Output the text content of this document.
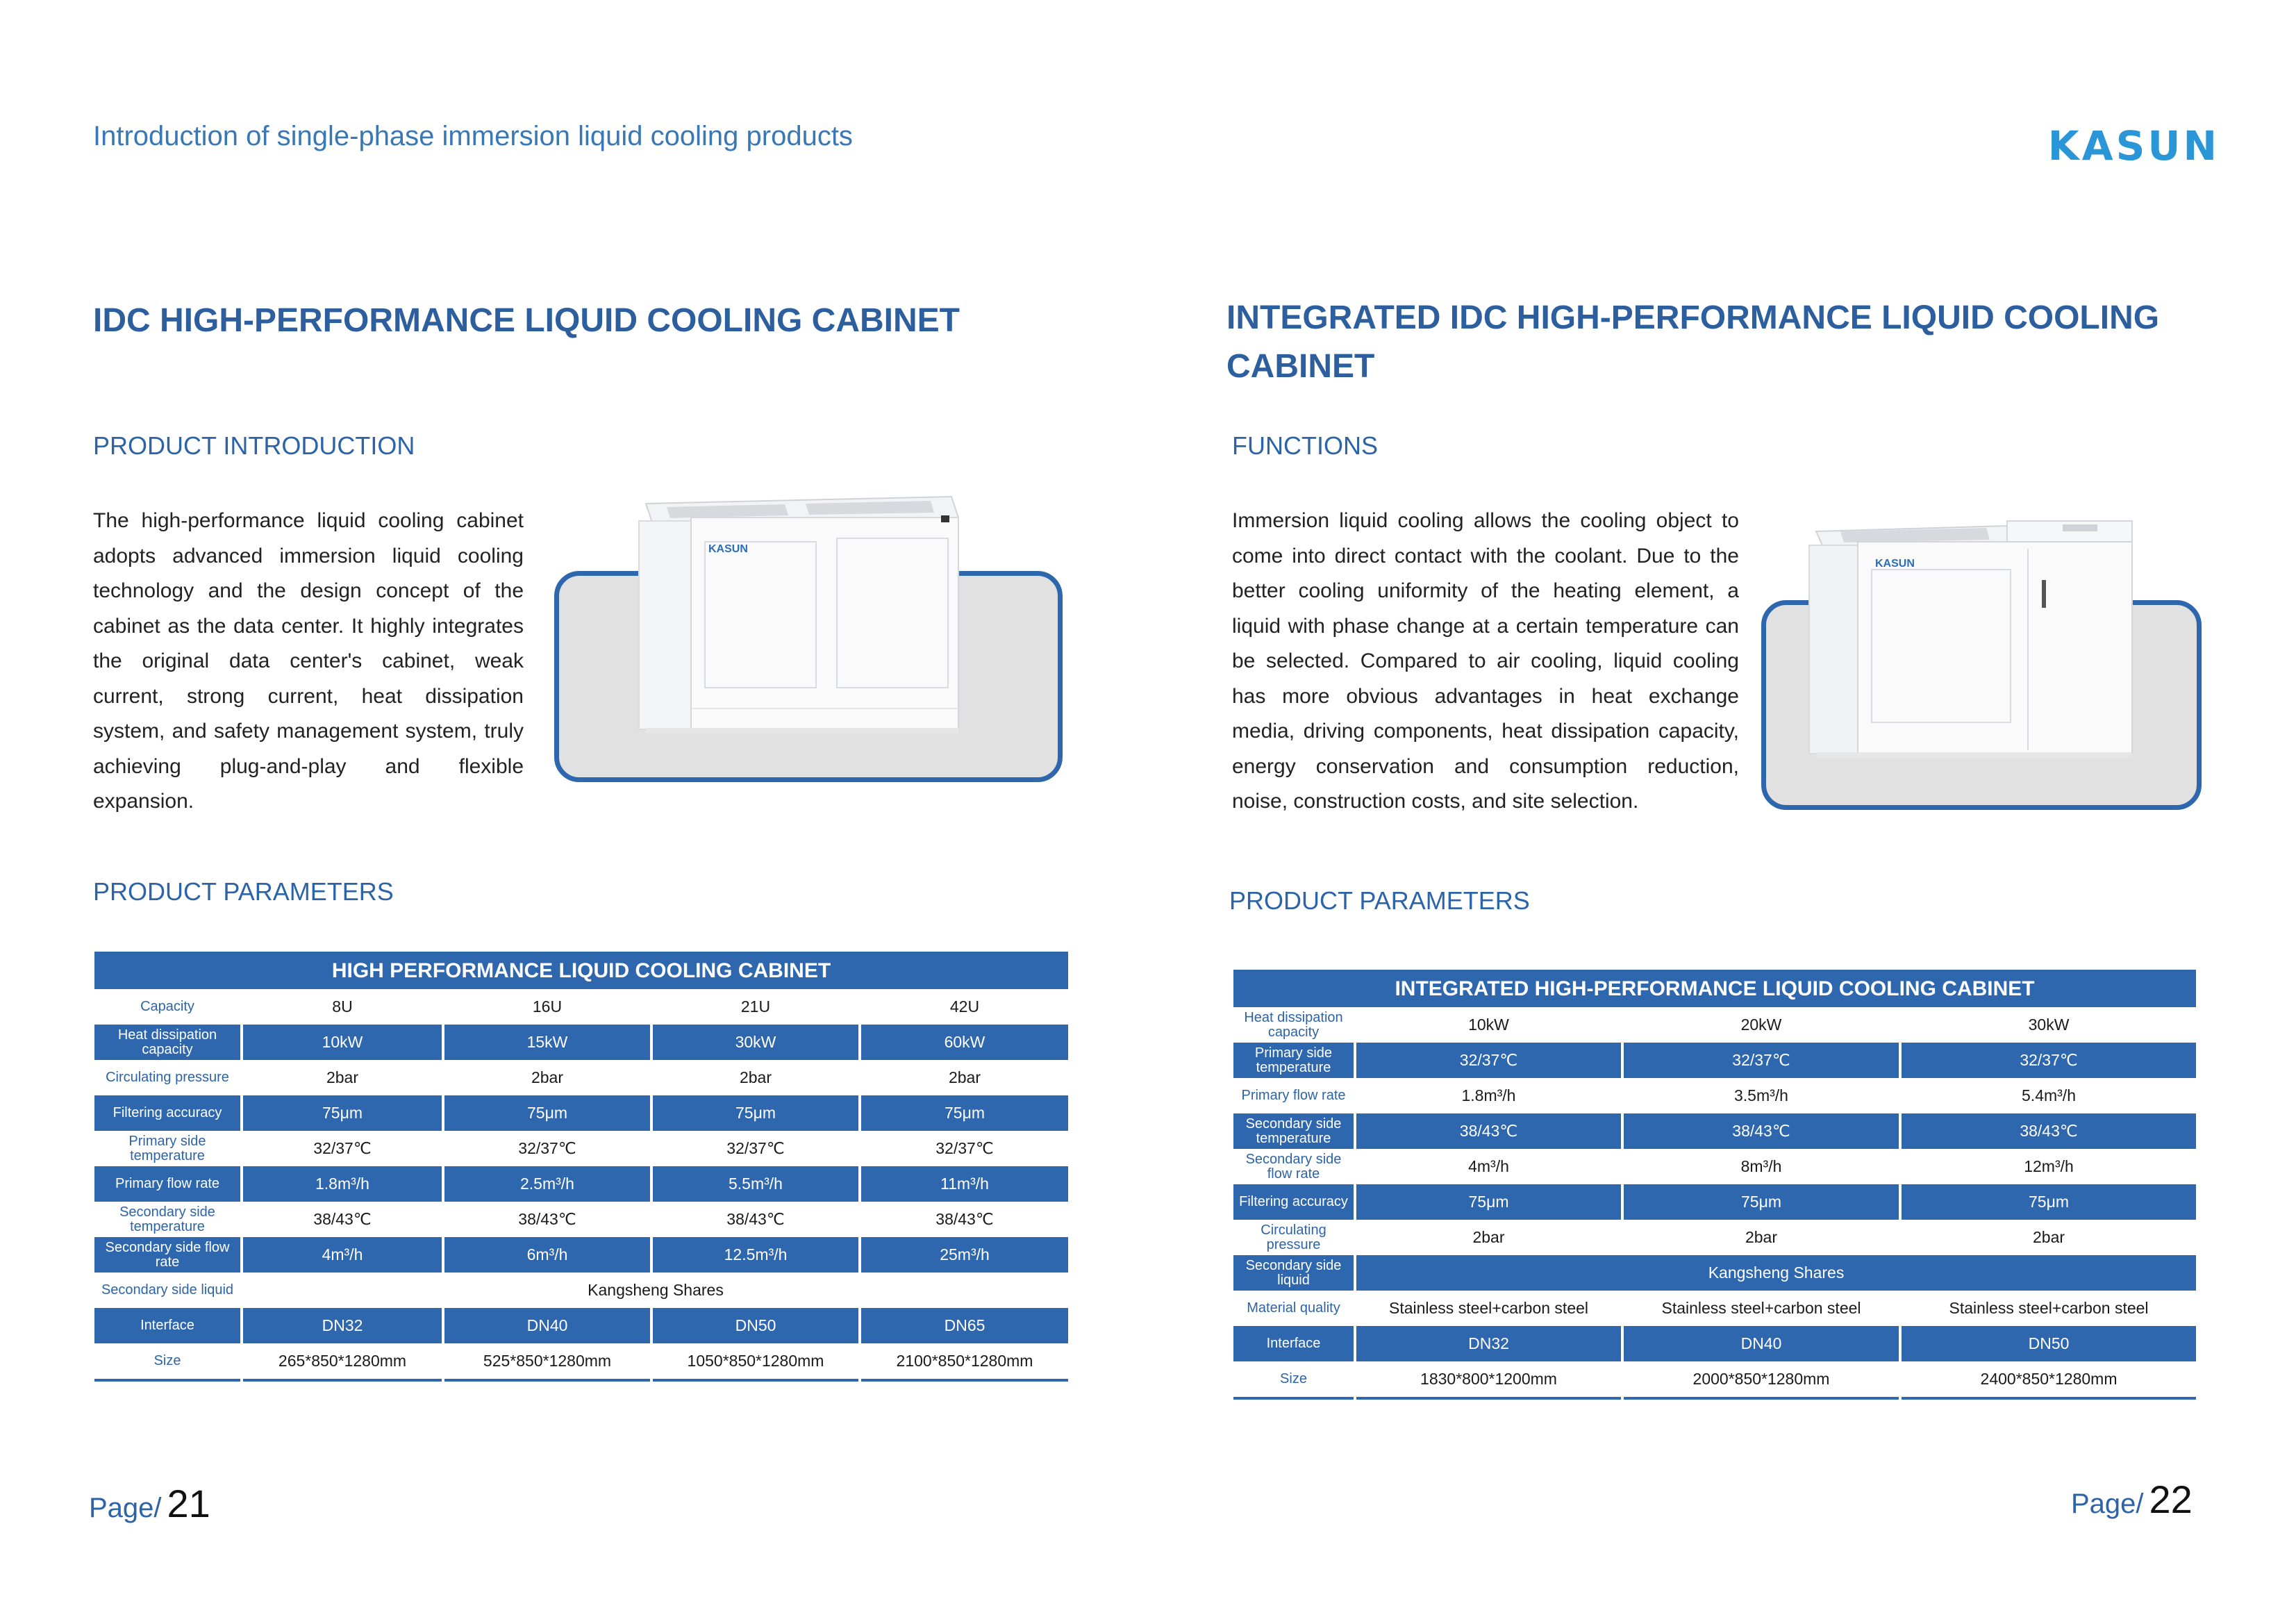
Introduction of single-phase immersion liquid cooling products	KASUN
IDC HIGH-PERFORMANCE LIQUID COOLING CABINET
PRODUCT INTRODUCTION
The high-performance liquid cooling cabinet adopts advanced immersion liquid cooling technology and the design concept of the cabinet as the data center. It highly integrates the original data center's cabinet, weak current, strong current, heat dissipation system, and safety management system, truly achieving plug-and-play and flexible expansion.
KASUN
PRODUCT PARAMETERS
HIGH PERFORMANCE LIQUID COOLING CABINET				
Capacity	8U	16U	21U	42U
Heat dissipation capacity	10kW	15kW	30kW	60kW
Circulating pressure	2bar	2bar	2bar	2bar
Filtering accuracy	75μm	75μm	75μm	75μm
Primary side temperature	32/37℃	32/37℃	32/37℃	32/37℃
Primary flow rate	1.8m³/h	2.5m³/h	5.5m³/h	11m³/h
Secondary side temperature	38/43℃	38/43℃	38/43℃	38/43℃
Secondary side flow rate	4m³/h	6m³/h	12.5m³/h	25m³/h
Secondary side liquid	Kangsheng Shares			
Interface	DN32	DN40	DN50	DN65
Size	265*850*1280mm	525*850*1280mm	1050*850*1280mm	2100*850*1280mm
Page/ 21
INTEGRATED IDC HIGH-PERFORMANCE LIQUID COOLING CABINET
FUNCTIONS
Immersion liquid cooling allows the cooling object to come into direct contact with the coolant. Due to the better cooling uniformity of the heating element, a liquid with phase change at a certain temperature can be selected. Compared to air cooling, liquid cooling has more obvious advantages in heat exchange media, driving components, heat dissipation capacity, energy conservation and consumption reduction, noise, construction costs, and site selection.
KASUN
PRODUCT PARAMETERS
INTEGRATED HIGH-PERFORMANCE LIQUID COOLING CABINET			
Heat dissipation capacity	10kW	20kW	30kW
Primary side temperature	32/37℃	32/37℃	32/37℃
Primary flow rate	1.8m³/h	3.5m³/h	5.4m³/h
Secondary side temperature	38/43℃	38/43℃	38/43℃
Secondary side flow rate	4m³/h	8m³/h	12m³/h
Filtering accuracy	75μm	75μm	75μm
Circulating pressure	2bar	2bar	2bar
Secondary side liquid	Kangsheng Shares		
Material quality	Stainless steel+carbon steel	Stainless steel+carbon steel	Stainless steel+carbon steel
Interface	DN32	DN40	DN50
Size	1830*800*1200mm	2000*850*1280mm	2400*850*1280mm
Page/ 22
